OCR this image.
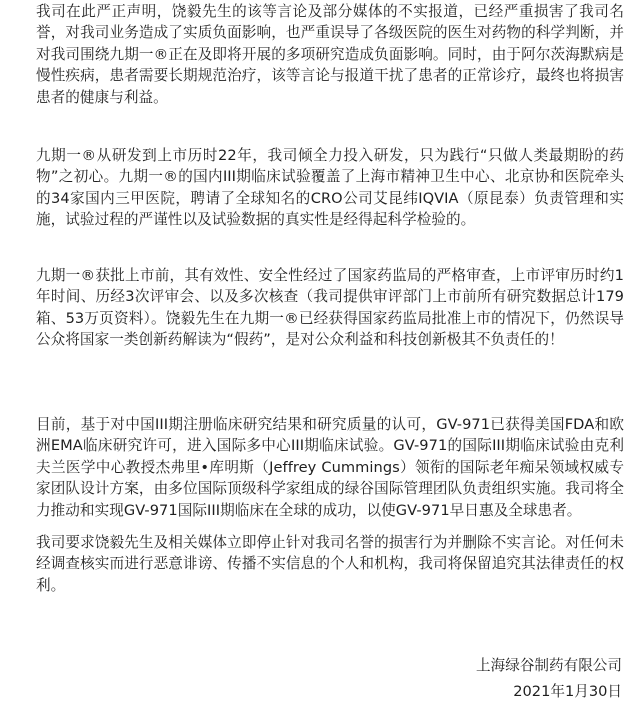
我司在此严正声明，饶毅先生的该等言论及部分媒体的不实报道，已经严重损害了我司名誉，对我司业务造成了实质负面影响，也严重误导了各级医院的医生对药物的科学判断，并对我司围绕九期一®正在及即将开展的多项研究造成负面影响。同时，由于阿尔茨海默病是慢性疾病，患者需要长期规范治疗，该等言论与报道干扰了患者的正常诊疗，最终也将损害患者的健康与利益。

九期一®从研发到上市历时22年，我司倾全力投入研发，只为践行“只做人类最期盼的药物”之初心。九期一®的国内III期临床试验覆盖了上海市精神卫生中心、北京协和医院牵头的34家国内三甲医院，聘请了全球知名的CRO公司艾昆纬IQVIA（原昆泰）负责管理和实施，试验过程的严谨性以及试验数据的真实性是经得起科学检验的。

九期一®获批上市前，其有效性、安全性经过了国家药监局的严格审查，上市评审历时约1年时间、历经3次评审会、以及多次核查（我司提供审评部门上市前所有研究数据总计179箱、53万页资料）。饶毅先生在九期一®已经获得国家药监局批准上市的情况下，仍然误导公众将国家一类创新药解读为“假药”，是对公众利益和科技创新极其不负责任的！

目前，基于对中国III期注册临床研究结果和研究质量的认可，GV-971已获得美国FDA和欧洲EMA临床研究许可，进入国际多中心III期临床试验。GV-971的国际III期临床试验由克利夫兰医学中心教授杰弗里•库明斯（Jeffrey Cummings）领衔的国际老年痴呆领域权威专家团队设计方案，由多位国际顶级科学家组成的绿谷国际管理团队负责组织实施。我司将全力推动和实现GV-971国际III期临床在全球的成功，以使GV-971早日惠及全球患者。

我司要求饶毅先生及相关媒体立即停止针对我司名誉的损害行为并删除不实言论。对任何未经调查核实而进行恶意诽谤、传播不实信息的个人和机构，我司将保留追究其法律责任的权利。

上海绿谷制药有限公司
2021年1月30日
